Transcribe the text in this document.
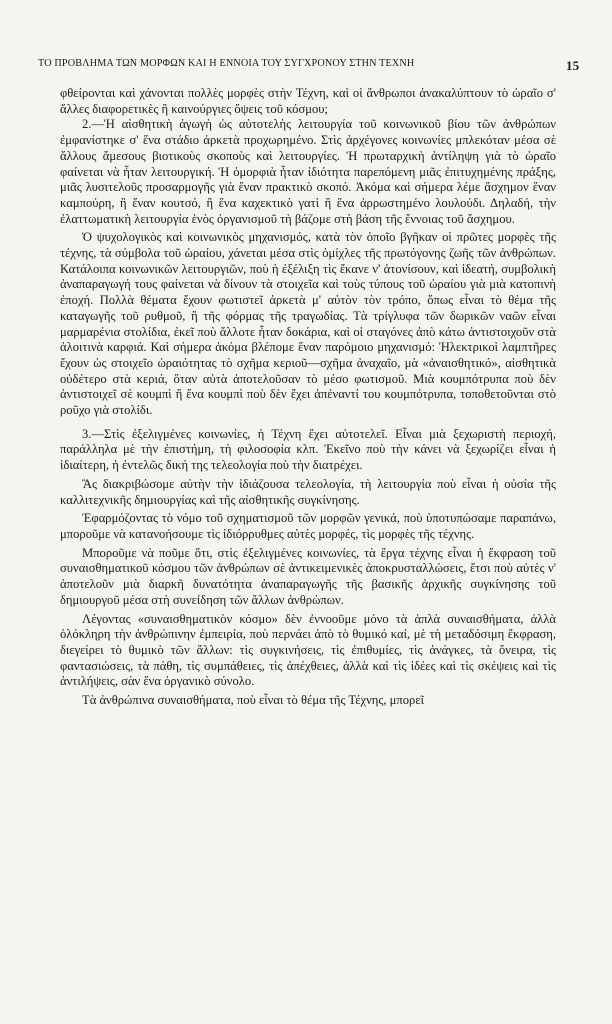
ΤΟ ΠΡΟΒΛΗΜΑ ΤΩΝ ΜΟΡΦΩΝ ΚΑΙ Η ΕΝΝΟΙΑ ΤΟΥ ΣΥΓΧΡΟΝΟΥ ΣΤΗΝ ΤΕΧΝΗ	15

φθείρονται καὶ χάνονται πολλὲς μορφὲς στὴν Τέχνη, καὶ οἱ ἄνθρωποι ἀνακαλύπτουν τὸ ὡραῖο σ' ἄλλες διαφορετικὲς ἢ καινούργιες ὄψεις τοῦ κόσμου;

2.—Ἡ αἰσθητικὴ ἀγωγὴ ὡς αὐτοτελὴς λειτουργία τοῦ κοινωνικοῦ βίου τῶν ἀνθρώπων ἐμφανίστηκε σ' ἕνα στάδιο ἀρκετὰ προχωρημένο. Στὶς ἀρχέγονες κοινωνίες μπλεκόταν μέσα σὲ ἄλλους ἄμεσους βιοτικοὺς σκοποὺς καὶ λειτουργίες. Ἡ πρωταρχικὴ ἀντίληψη γιὰ τὸ ὡραῖο φαίνεται νὰ ἦταν λειτουργική. Ἡ ὀμορφιὰ ἦταν ἰδιότητα παρεπόμενη μιᾶς ἐπιτυχημένης πράξης, μιᾶς λυσιτελοῦς προσαρμογῆς γιὰ ἕναν πρακτικὸ σκοπό. Ἀκόμα καὶ σήμερα λέμε ἄσχημον ἕναν καμπούρη, ἢ ἕναν κουτσό, ἢ ἕνα καχεκτικὸ γατὶ ἢ ἕνα ἀρρωστημένο λουλούδι. Δηλαδή, τὴν ἐλαττωματικὴ λειτουργία ἑνὸς ὀργανισμοῦ τὴ βάζομε στὴ βάση τῆς ἔννοιας τοῦ ἄσχημου.

Ὁ ψυχολογικὸς καὶ κοινωνικὸς μηχανισμός, κατὰ τὸν ὁποῖο βγῆκαν οἱ πρῶτες μορφὲς τῆς τέχνης, τὰ σύμβολα τοῦ ὡραίου, χάνεται μέσα στὶς ὀμίχλες τῆς πρωτόγονης ζωῆς τῶν ἀνθρώπων. Κατάλοιπα κοινωνικῶν λειτουργιῶν, ποὺ ἡ ἐξέλιξη τὶς ἔκανε ν' ἀτονίσουν, καὶ ἰδεατή, συμβολικὴ ἀναπαραγωγή τους φαίνεται νὰ δίνουν τὰ στοιχεῖα καὶ τοὺς τύπους τοῦ ὡραίου γιὰ μιὰ κατοπινὴ ἐποχή. Πολλὰ θέματα ἔχουν φωτιστεῖ ἀρκετὰ μ' αὐτὸν τὸν τρόπο, ὅπως εἶναι τὸ θέμα τῆς καταγωγῆς τοῦ ρυθμοῦ, ἢ τῆς φόρμας τῆς τραγωδίας. Τὰ τρίγλυφα τῶν δωρικῶν ναῶν εἶναι μαρμαρένια στολίδια, ἐκεῖ ποὺ ἄλλοτε ἦταν δοκάρια, καὶ οἱ σταγόνες ἀπὸ κάτω ἀντιστοιχοῦν στὰ ἀλοιτινὰ καρφιά. Καὶ σήμερα ἀκόμα βλέπομε ἕναν παρόμοιο μηχανισμό: Ἠλεκτρικοὶ λαμπτῆρες ἔχουν ὡς στοιχεῖο ὡραιότητας τὸ σχῆμα κεριοῦ—σχῆμα ἀναχαῖο, μὰ «ἀναισθητικό», αἰσθητικὰ οὐδέτερο στὰ κεριά, ὅταν αὐτὰ ἀποτελοῦσαν τὸ μέσο φωτισμοῦ. Μιὰ κουμπότρυπα ποὺ δὲν ἀντιστοιχεῖ σὲ κουμπὶ ἢ ἕνα κουμπὶ ποὺ δὲν ἔχει ἀπέναντί του κουμπότρυπα, τοποθετοῦνται στὸ ροῦχο γιὰ στολίδι.

3.—Στὶς ἐξελιγμένες κοινωνίες, ἡ Τέχνη ἔχει αὐτοτελεῖ. Εἶναι μιὰ ξεχωριστὴ περιοχή, παράλληλα μὲ τὴν ἐπιστήμη, τὴ φιλοσοφία κλπ. Ἐκεῖνο ποὺ τὴν κάνει νὰ ξεχωρίζει εἶναι ἡ ἰδιαίτερη, ἡ ἐντελῶς δική της τελεολογία ποὺ τὴν διατρέχει.

Ἂς διακριβώσομε αὐτὴν τὴν ἰδιάζουσα τελεολογία, τὴ λειτουργία ποὺ εἶναι ἡ οὐσία τῆς καλλιτεχνικῆς δημιουργίας καὶ τῆς αἰσθητικῆς συγκίνησης.

Ἐφαρμόζοντας τὸ νόμο τοῦ σχηματισμοῦ τῶν μορφῶν γενικά, ποὺ ὑποτυπώσαμε παραπάνω, μποροῦμε νὰ κατανοήσουμε τὶς ἰδιόρρυθμες αὐτὲς μορφές, τὶς μορφὲς τῆς τέχνης.

Μποροῦμε νὰ ποῦμε ὅτι, στὶς ἐξελιγμένες κοινωνίες, τὰ ἔργα τέχνης εἶναι ἡ ἔκφραση τοῦ συναισθηματικοῦ κόσμου τῶν ἀνθρώπων σὲ ἀντικειμενικὲς ἀποκρυσταλλώσεις, ἔτσι ποὺ αὐτὲς ν' ἀποτελοῦν μιὰ διαρκῆ δυνατότητα ἀναπαραγωγῆς τῆς βασικῆς ἀρχικῆς συγκίνησης τοῦ δημιουργοῦ μέσα στὴ συνείδηση τῶν ἄλλων ἀνθρώπων.

Λέγοντας «συναισθηματικὸν κόσμο» δὲν ἐννοοῦμε μόνο τὰ ἁπλὰ συναισθήματα, ἀλλὰ ὁλόκληρη τὴν ἀνθρώπινην ἐμπειρία, ποὺ περνάει ἀπὸ τὸ θυμικό καί, μὲ τὴ μεταδόσιμη ἔκφραση, διεγείρει τὸ θυμικὸ τῶν ἄλλων: τὶς συγκινήσεις, τὶς ἐπιθυμίες, τὶς ἀνάγκες, τὰ ὄνειρα, τὶς φαντασιώσεις, τὰ πάθη, τὶς συμπάθειες, τὶς ἀπέχθειες, ἀλλὰ καὶ τὶς ἰδέες καὶ τὶς σκέψεις καὶ τὶς ἀντιλήψεις, σὰν ἕνα ὀργανικὸ σύνολο.

Τὰ ἀνθρώπινα συναισθήματα, ποὺ εἶναι τὸ θέμα τῆς Τέχνης, μπορεῖ
